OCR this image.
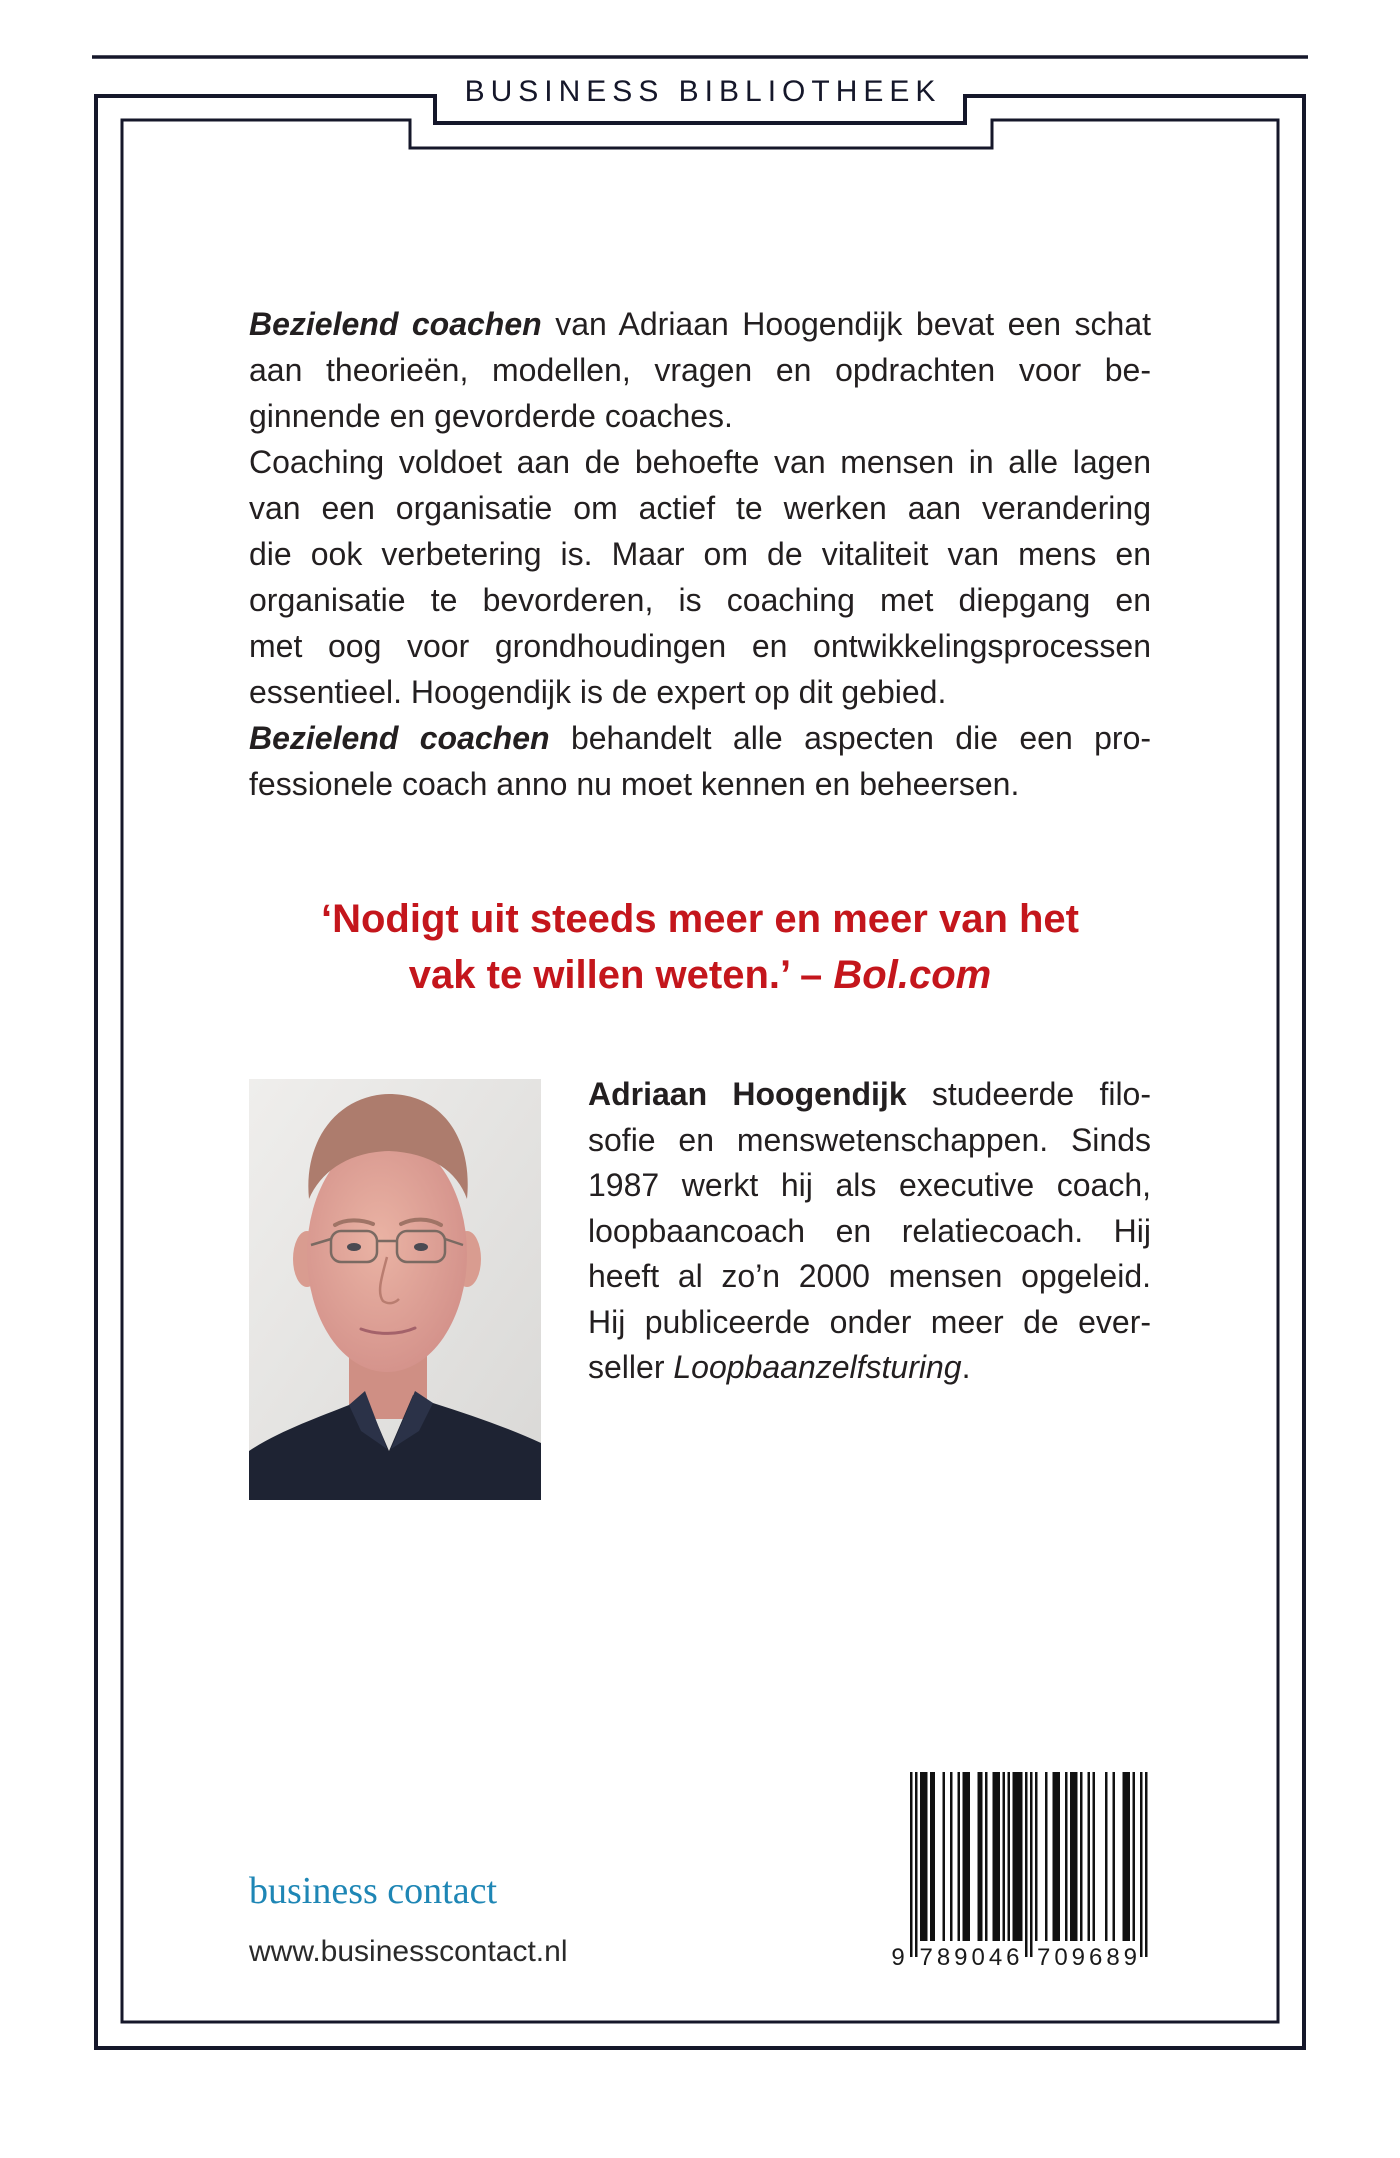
BUSINESS BIBLIOTHEEK
Bezielend coachen van Adriaan Hoogendijk bevat een schat
aan theorieën, modellen, vragen en opdrachten voor be-
ginnende en gevorderde coaches.
Coaching voldoet aan de behoefte van mensen in alle lagen
van een organisatie om actief te werken aan verandering
die ook verbetering is. Maar om de vitaliteit van mens en
organisatie te bevorderen, is coaching met diepgang en
met oog voor grondhoudingen en ontwikkelingsprocessen
essentieel. Hoogendijk is de expert op dit gebied.
Bezielend coachen behandelt alle aspecten die een pro-
fessionele coach anno nu moet kennen en beheersen.
‘Nodigt uit steeds meer en meer van het
vak te willen weten.’ – Bol.com
Adriaan Hoogendijk studeerde filo-
sofie en menswetenschappen. Sinds
1987 werkt hij als executive coach,
loopbaancoach en relatiecoach. Hij
heeft al zo’n 2000 mensen opgeleid.
Hij publiceerde onder meer de ever-
seller Loopbaanzelfsturing.
business contact
www.businesscontact.nl	9 789046 709689
